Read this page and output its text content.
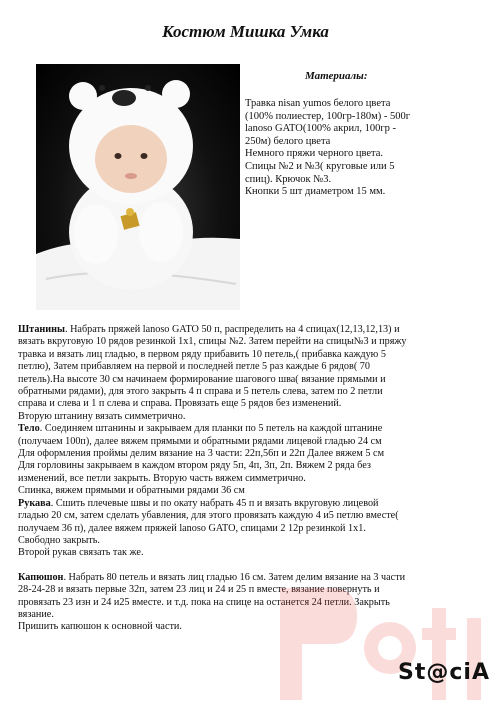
Костюм Мишка Умка
Материалы:
Травка nisan yumos белого цвета
(100% полиестер, 100гр-180м) - 500г
lanoso GATO(100% акрил, 100гр -
250м) белого цвета
Немного пряжи черного цвета.
Спицы №2 и №3( круговые или 5
спиц). Крючок №3.
Кнопки 5 шт диаметром 15 мм.

Штанины. Набрать пряжей lanoso GATO 50 п, распределить на 4 спицах(12,13,12,13) и

вязать вкруговую 10 рядов резинкой 1х1, спицы №2. Затем перейти на спицы№3 и пряжу

травка и вязать лиц гладью, в первом ряду прибавить 10 петель,( прибавка каждую 5

петлю), Затем прибавляем на первой и последней петле 5 раз каждые 6 рядов( 70

петель).На высоте 30 см начинаем формирование шагового шва( вязание прямыми и

обратными рядами), для этого закрыть 4 п справа и 5 петель слева, затем по 2 петли

справа и слева и 1 п слева и справа. Провязать еще 5 рядов без изменений.

Вторую штанину вязать симметрично.

Тело. Соединяем штанины и закрываем для планки по 5 петель на каждой штанине

(получаем 100п), далее вяжем прямыми и обратными рядами лицевой гладью 24 см

Для оформления проймы делим вязание на 3 части: 22п,56п и 22п Далее вяжем 5 см

Для горловины закрываем в каждом втором ряду 5п, 4п, 3п, 2п. Вяжем 2 ряда без

изменений, все петли закрыть. Вторую часть вяжем симметрично.

Спинка, вяжем прямыми и обратными рядами 36 см

Рукава. Сшить плечевые швы и по окату набрать 45 п и вязать вкруговую лицевой

гладью 20 см, затем сделать убавления, для этого провязать каждую 4 и5 петлю вместе(

получаем 36 п), далее вяжем пряжей lanoso GATO, спицами 2 12р резинкой 1х1.

Свободно закрыть.

Второй рукав связать так же.

Капюшон. Набрать 80 петель и вязать лиц гладью 16 см. Затем делим вязание на 3 части

28-24-28 и вязать первые 32п, затем 23 лиц и 24 и 25 п вместе, вязание повернуть и

провязать 23 изн и 24 и25 вместе. и т.д. пока на спице на останется 24 петли. Закрыть

вязание.

Пришить капюшон к основной части.

St@ciA
